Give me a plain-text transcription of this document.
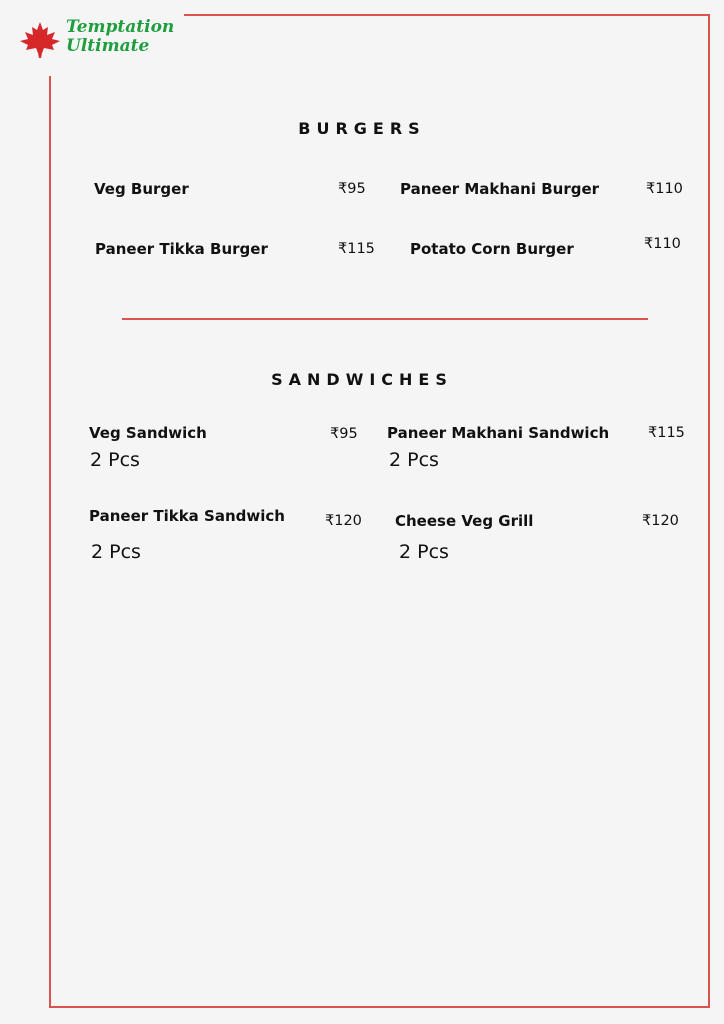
Temptation
Ultimate
BURGERS
Veg Burger	₹95 Paneer Makhani Burger	₹110
Paneer Tikka Burger	₹115 Potato Corn Burger	₹110
SANDWICHES
Veg Sandwich	₹95
2 Pcs
Paneer Makhani Sandwich	₹115
2 Pcs
Paneer Tikka Sandwich	₹120
2 Pcs
Cheese Veg Grill	₹120
2 Pcs
